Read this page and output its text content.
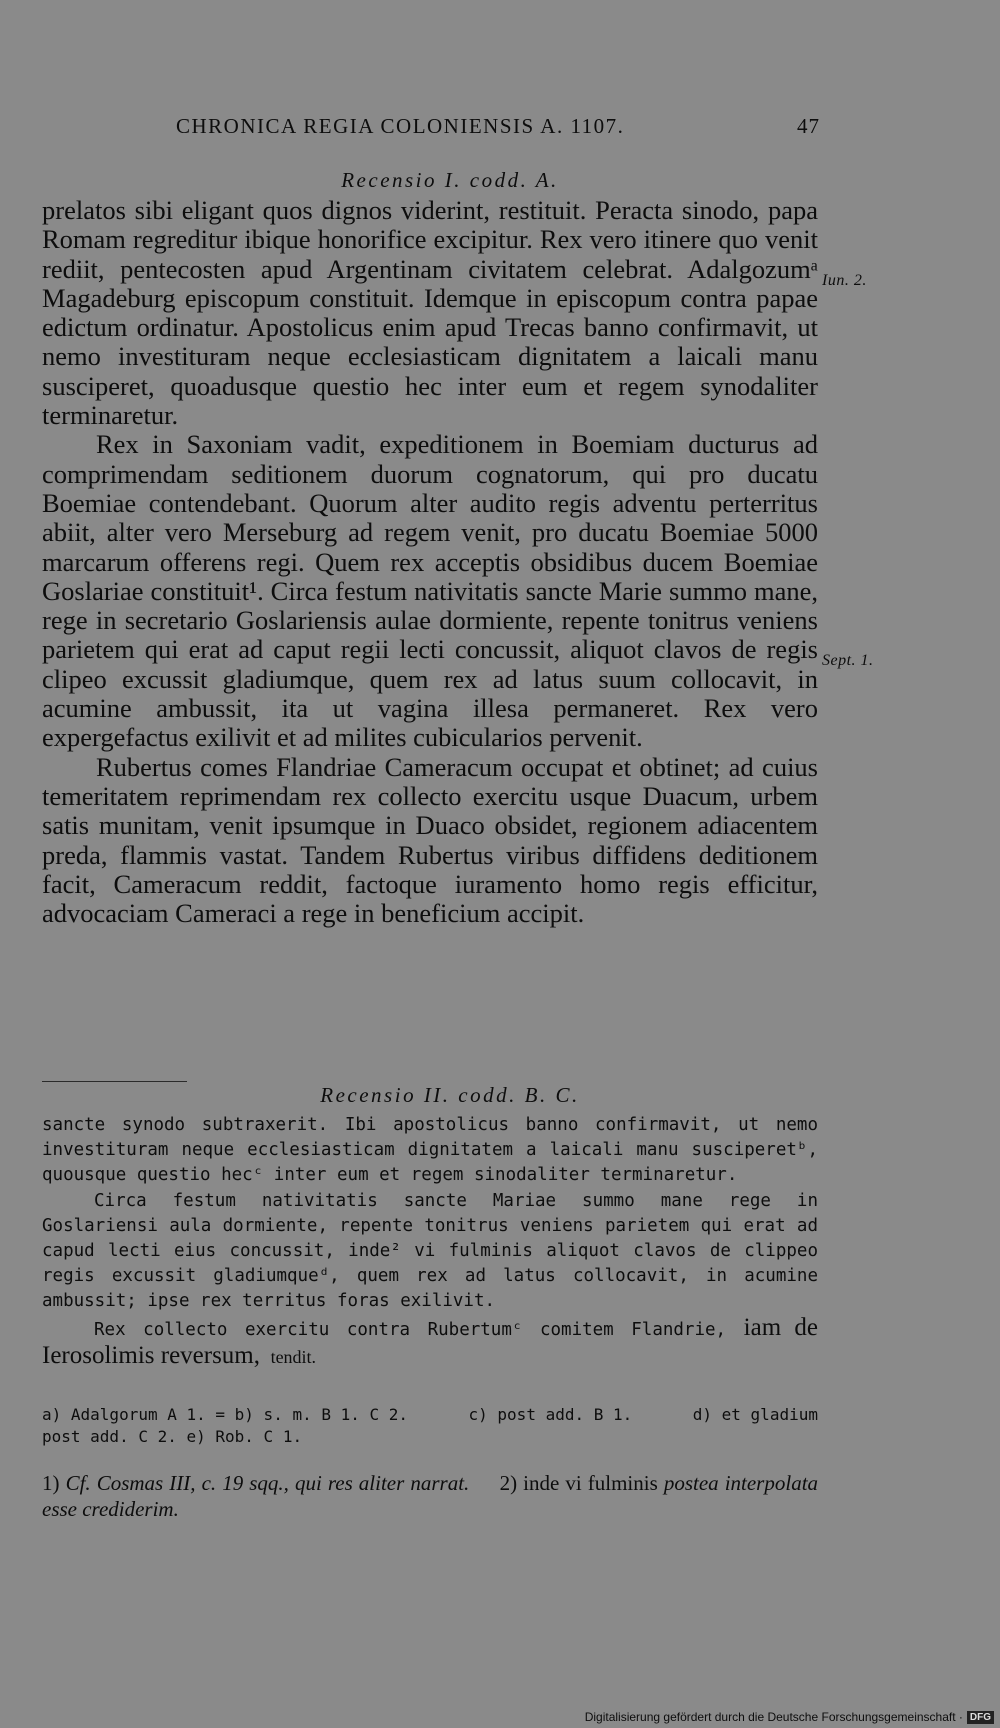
CHRONICA REGIA COLONIENSIS A. 1107.	47
Recensio I. codd. A.

prelatos sibi eligant quos dignos viderint, restituit. Peracta sinodo, papa Romam regreditur ibique honorifice excipitur. Rex vero itinere quo venit rediit, pentecosten apud Argentinam civitatem celebrat. Adalgozumᵃ Magadeburg episcopum constituit. Idemque in episcopum contra papae edictum ordinatur. Apostolicus enim apud Trecas banno confirmavit, ut nemo investituram neque ecclesiasticam dignitatem a laicali manu susciperet, quoadusque questio hec inter eum et regem synodaliter terminaretur.

Rex in Saxoniam vadit, expeditionem in Boemiam ducturus ad comprimendam seditionem duorum cognatorum, qui pro ducatu Boemiae contendebant. Quorum alter audito regis adventu perterritus abiit, alter vero Merseburg ad regem venit, pro ducatu Boemiae 5000 marcarum offerens regi. Quem rex acceptis obsidibus ducem Boemiae Goslariae constituit¹. Circa festum nativitatis sancte Marie summo mane, rege in secretario Goslariensis aulae dormiente, repente tonitrus veniens parietem qui erat ad caput regii lecti concussit, aliquot clavos de regis clipeo excussit gladiumque, quem rex ad latus suum collocavit, in acumine ambussit, ita ut vagina illesa permaneret. Rex vero expergefactus exilivit et ad milites cubicularios pervenit.

Rubertus comes Flandriae Cameracum occupat et obtinet; ad cuius temeritatem reprimendam rex collecto exercitu usque Duacum, urbem satis munitam, venit ipsumque in Duaco obsidet, regionem adiacentem preda, flammis vastat. Tandem Rubertus viribus diffidens deditionem facit, Cameracum reddit, factoque iuramento homo regis efficitur, advocaciam Cameraci a rege in beneficium accipit.

Iun. 2.
Sept. 1.
Recensio II. codd. B. C.

sancte synodo subtraxerit. Ibi apostolicus banno confirmavit, ut nemo investituram neque ecclesiasticam dignitatem a laicali manu susciperetᵇ, quousque questio hecᶜ inter eum et regem sinodaliter terminaretur.

Circa festum nativitatis sancte Mariae summo mane rege in Goslariensi aula dormiente, repente tonitrus veniens parietem qui erat ad capud lecti eius concussit, inde² vi fulminis aliquot clavos de clippeo regis excussit gladiumqueᵈ, quem rex ad latus collocavit, in acumine ambussit; ipse rex territus foras exilivit.

Rex collecto exercitu contra Rubertumᶜ comitem Flandrie, iam de Ierosolimis reversum, tendit.

a) Adalgorum A 1. = b) s. m. B 1. C 2.	c) post add. B 1.	d) et gladium
post add. C 2. e) Rob. C 1.
1) Cf. Cosmas III, c. 19 sqq., qui res aliter narrat. 2) inde vi fulminis postea interpolata esse crediderim.
Digitalisierung gefördert durch die Deutsche Forschungsgemeinschaft · DFG
